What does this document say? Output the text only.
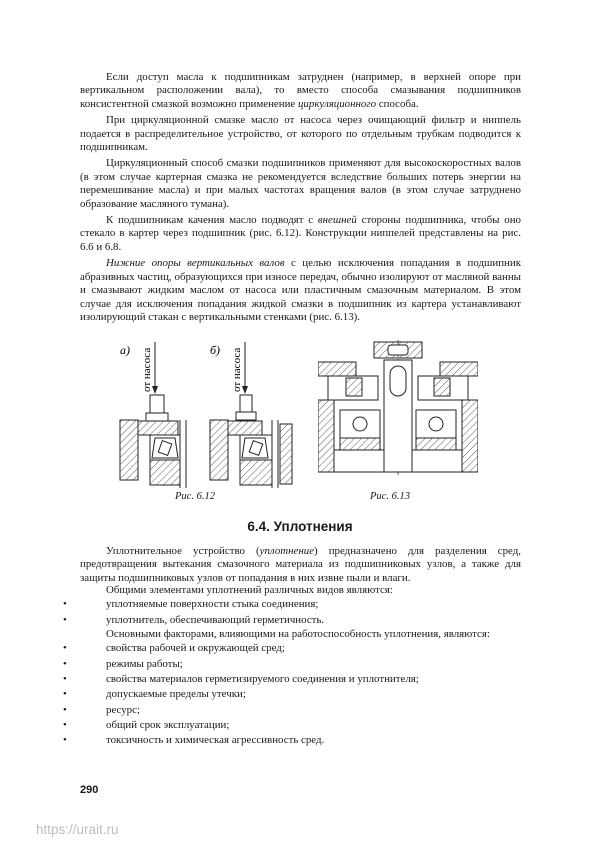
Если доступ масла к подшипникам затруднен (например, в верхней опоре при вертикальном расположении вала), то вместо способа смазывания подшипников консистентной смазкой возможно применение циркуляционного способа.

При циркуляционной смазке масло от насоса через очищающий фильтр и ниппель подается в распределительное устройство, от которого по отдельным трубкам подводится к подшипникам.

Циркуляционный способ смазки подшипников применяют для высокоскоростных валов (в этом случае картерная смазка не рекомендуется вследствие больших потерь энергии на перемешивание масла) и при малых частотах вращения валов (в этом случае затруднено образование масляного тумана).

К подшипникам качения масло подводят с внешней стороны подшипника, чтобы оно стекало в картер через подшипник (рис. 6.12). Конструкции ниппелей представлены на рис. 6.6 и 6.8.

Нижние опоры вертикальных валов с целью исключения попадания в подшипник абразивных частиц, образующихся при износе передач, обычно изолируют от масляной ванны и смазывают жидким маслом от насоса или пластичным смазочным материалом. В этом случае для исключения попадания жидкой смазки в подшипник из картера устанавливают изолирующий стакан с вертикальными стенками (рис. 6.13).

а) от насоса	б) от насоса
Рис. 6.12	Рис. 6.13
6.4. Уплотнения

Уплотнительное устройство (уплотнение) предназначено для разделения сред, предотвращения вытекания смазочного материала из подшипниковых узлов, а также для защиты подшипниковых узлов от попадания в них извне пыли и влаги.

Общими элементами уплотнений различных видов являются:

•	уплотняемые поверхности стыка соединения;
•	уплотнитель, обеспечивающий герметичность.

Основными факторами, влияющими на работоспособность уплотнения, являются:

•	свойства рабочей и окружающей сред;
•	режимы работы;
•	свойства материалов герметизируемого соединения и уплотнителя;
•	допускаемые пределы утечки;
•	ресурс;
•	общий срок эксплуатации;
•	токсичность и химическая агрессивность сред.
290
https://urait.ru
